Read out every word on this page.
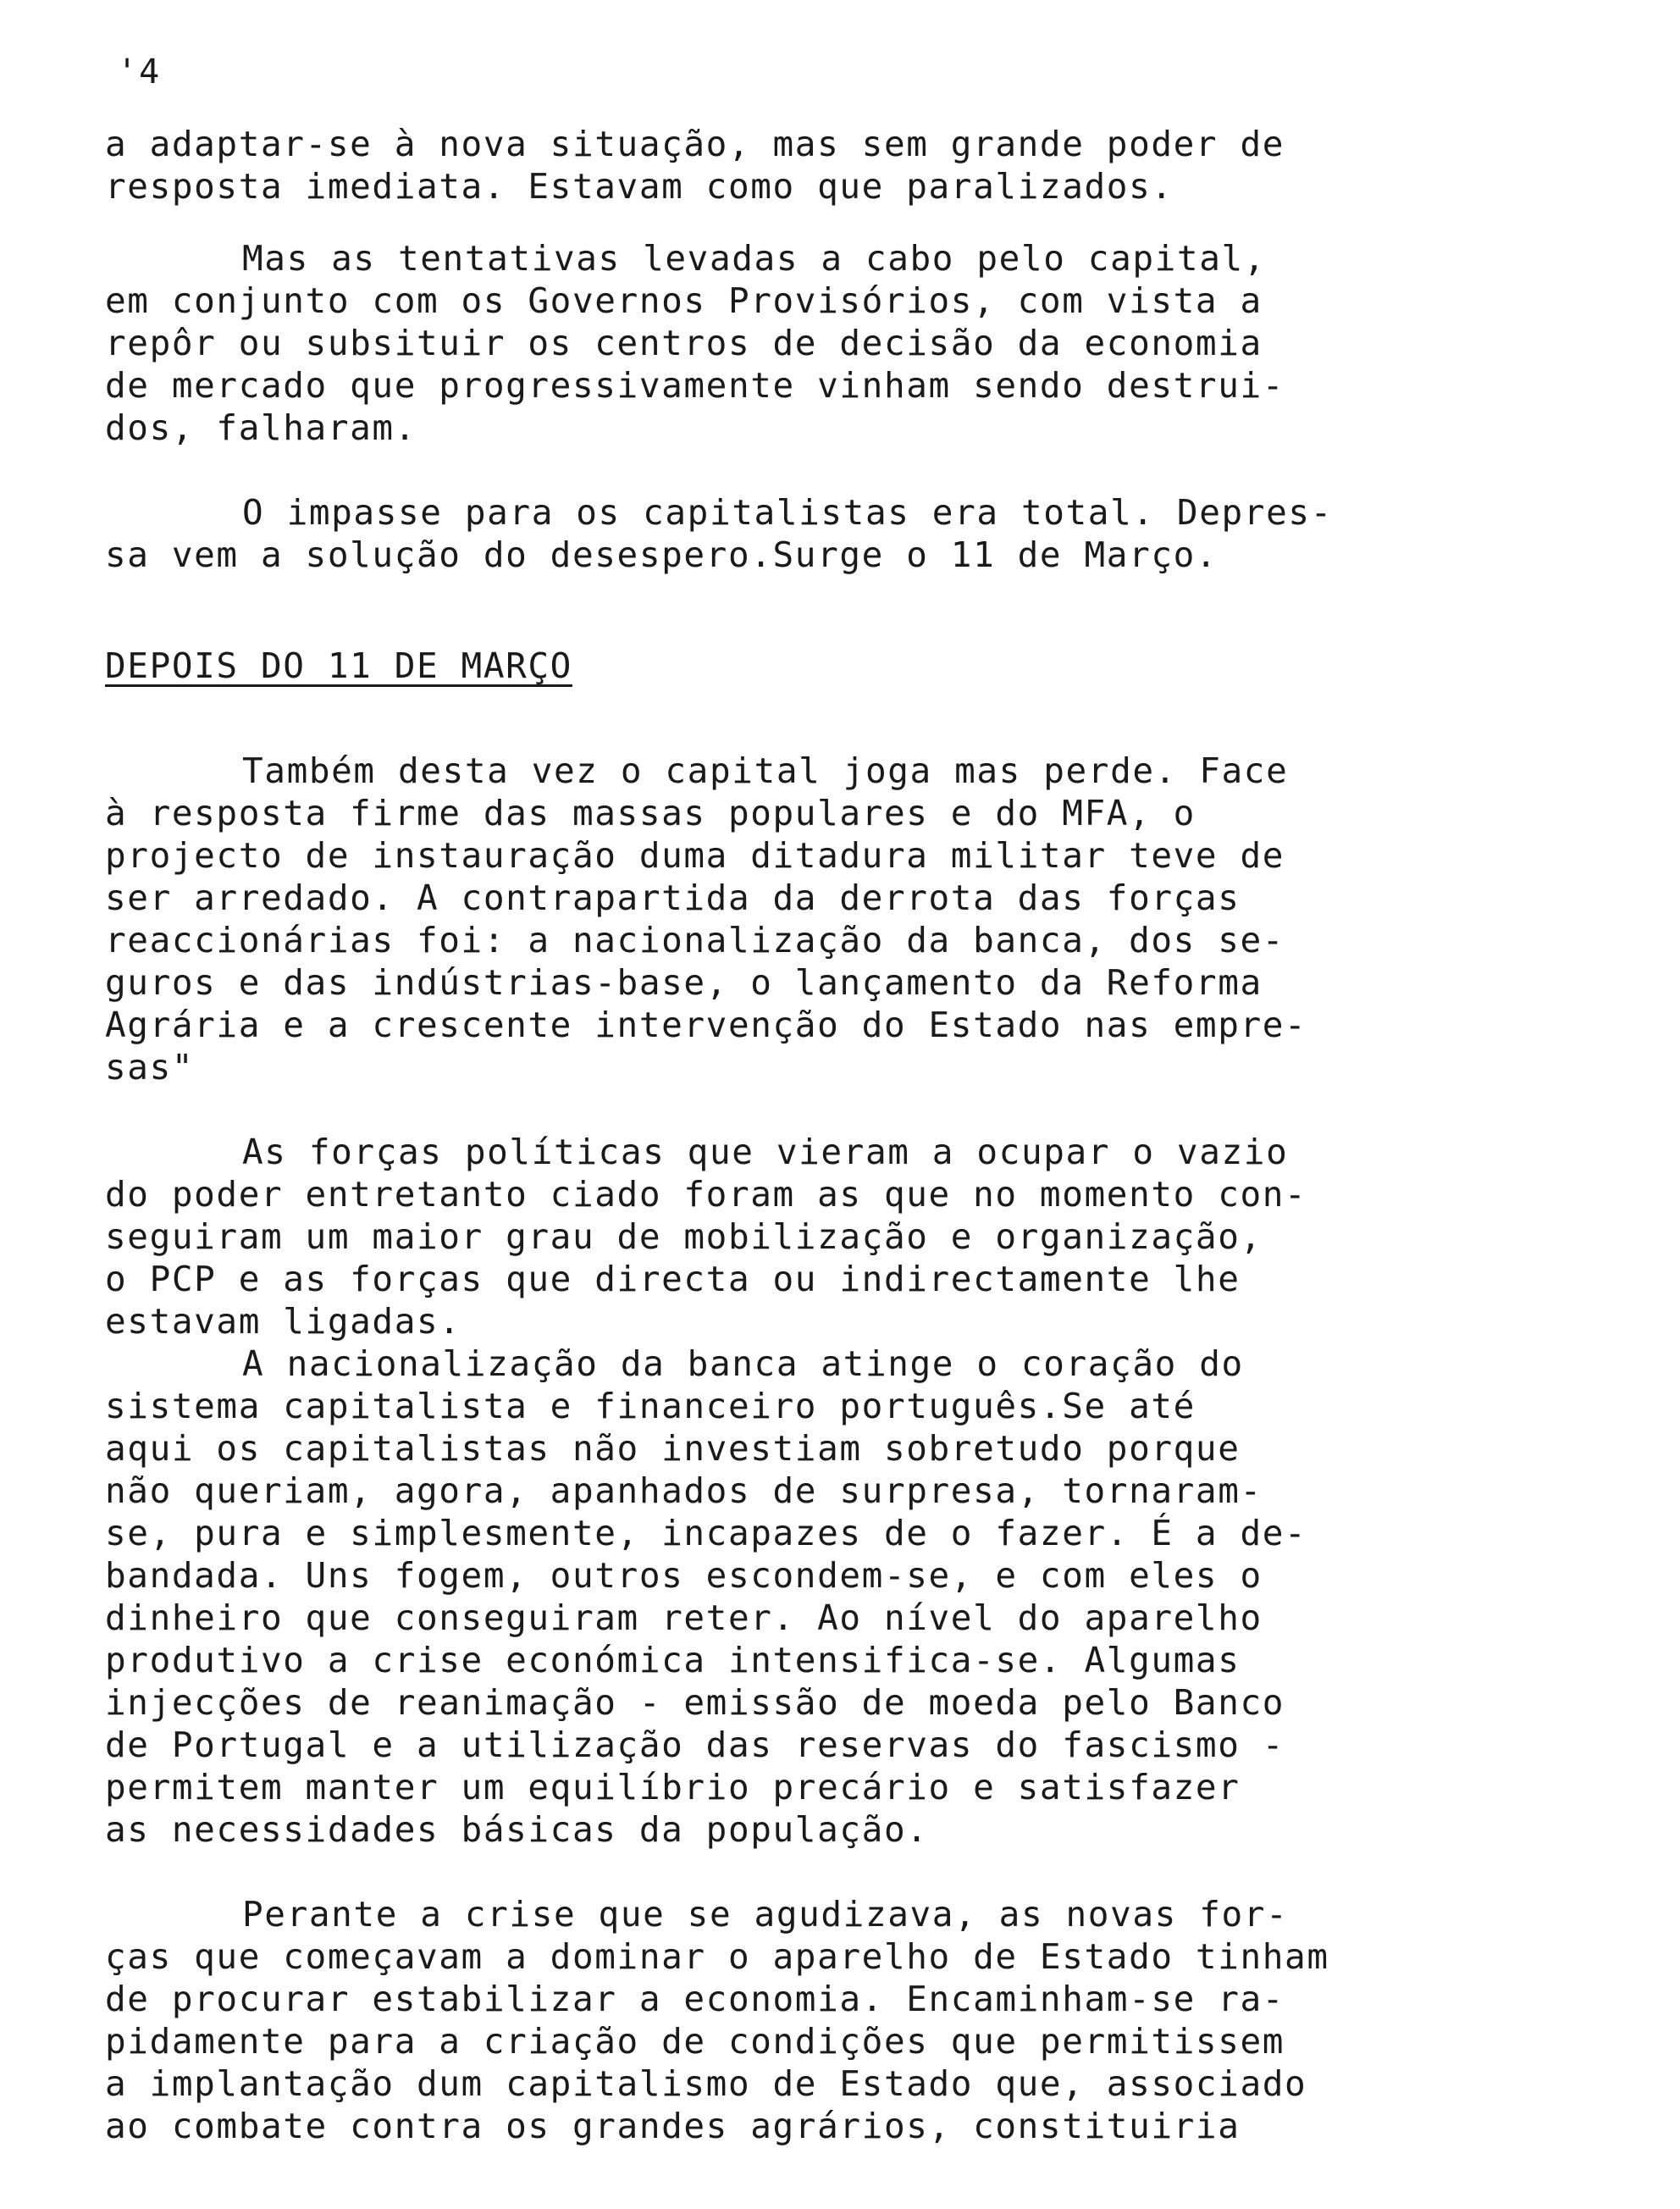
'4
a adaptar-se à nova situação, mas sem grande poder de
resposta imediata. Estavam como que paralizados.
Mas as tentativas levadas a cabo pelo capital,
em conjunto com os Governos Provisórios, com vista a
repôr ou subsituir os centros de decisão da economia
de mercado que progressivamente vinham sendo destrui-
dos, falharam.
O impasse para os capitalistas era total. Depres-
sa vem a solução do desespero.Surge o 11 de Março.
DEPOIS DO 11 DE MARÇO
Também desta vez o capital joga mas perde. Face
à resposta firme das massas populares e do MFA, o
projecto de instauração duma ditadura militar teve de
ser arredado. A contrapartida da derrota das forças
reaccionárias foi: a nacionalização da banca, dos se-
guros e das indústrias-base, o lançamento da Reforma
Agrária e a crescente intervenção do Estado nas empre-
sas"
As forças políticas que vieram a ocupar o vazio
do poder entretanto ciado foram as que no momento con-
seguiram um maior grau de mobilização e organização,
o PCP e as forças que directa ou indirectamente lhe
estavam ligadas.
A nacionalização da banca atinge o coração do
sistema capitalista e financeiro português.Se até
aqui os capitalistas não investiam sobretudo porque
não queriam, agora, apanhados de surpresa, tornaram-
se, pura e simplesmente, incapazes de o fazer. É a de-
bandada. Uns fogem, outros escondem-se, e com eles o
dinheiro que conseguiram reter. Ao nível do aparelho
produtivo a crise económica intensifica-se. Algumas
injecções de reanimação - emissão de moeda pelo Banco
de Portugal e a utilização das reservas do fascismo -
permitem manter um equilíbrio precário e satisfazer
as necessidades básicas da população.
Perante a crise que se agudizava, as novas for-
ças que começavam a dominar o aparelho de Estado tinham
de procurar estabilizar a economia. Encaminham-se ra-
pidamente para a criação de condições que permitissem
a implantação dum capitalismo de Estado que, associado
ao combate contra os grandes agrários, constituiria
